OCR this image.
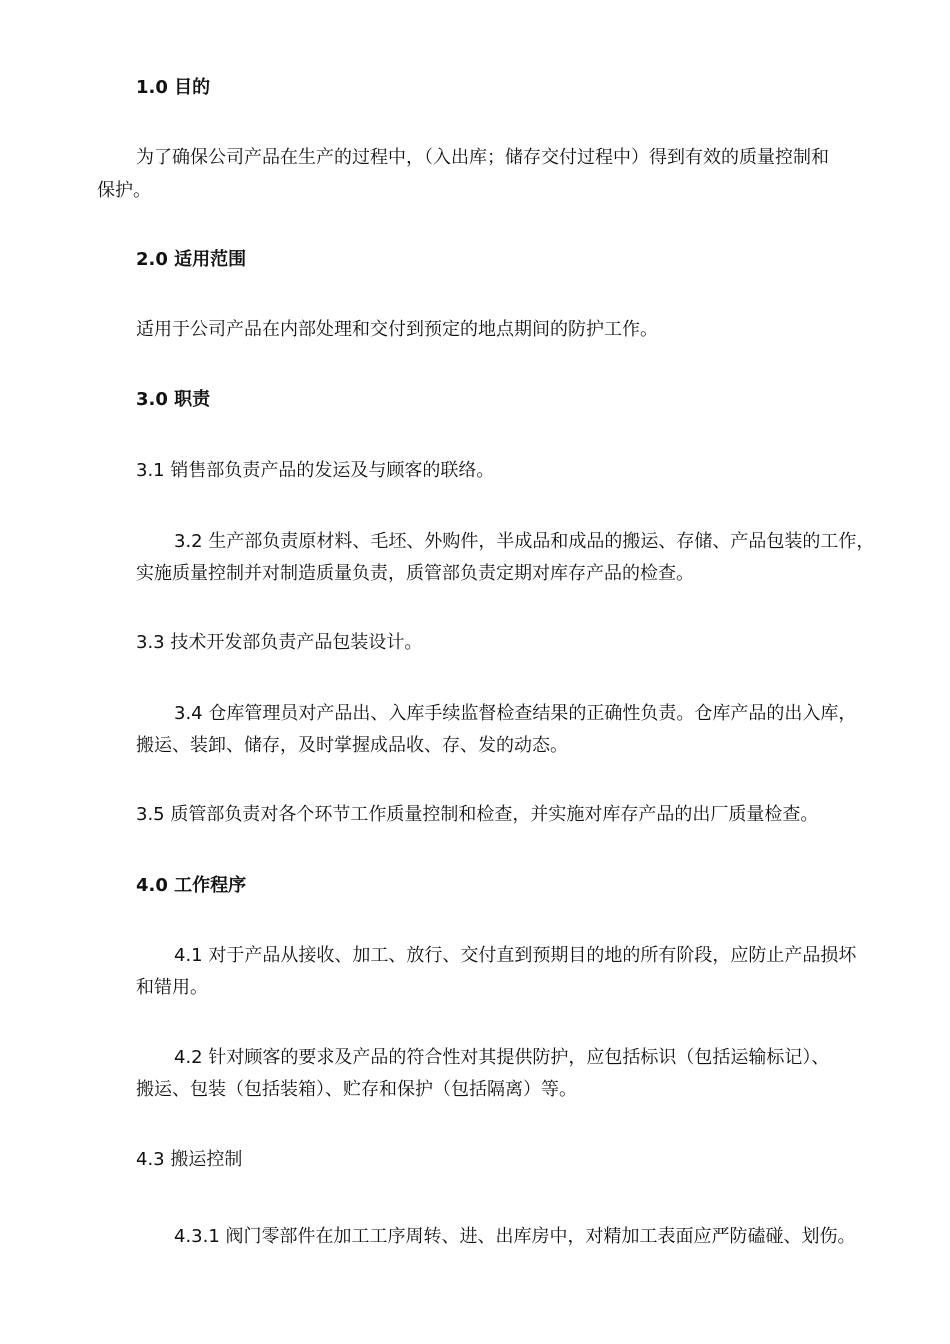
1.0 目的
为了确保公司产品在生产的过程中，（入出库；储存交付过程中）得到有效的质量控制和
保护。
2.0 适用范围
适用于公司产品在内部处理和交付到预定的地点期间的防护工作。
3.0 职责
3.1 销售部负责产品的发运及与顾客的联络。
3.2 生产部负责原材料、毛坯、外购件，半成品和成品的搬运、存储、产品包装的工作，
实施质量控制并对制造质量负责，质管部负责定期对库存产品的检查。
3.3 技术开发部负责产品包装设计。
3.4 仓库管理员对产品出、入库手续监督检查结果的正确性负责。仓库产品的出入库，
搬运、装卸、储存，及时掌握成品收、存、发的动态。
3.5 质管部负责对各个环节工作质量控制和检查，并实施对库存产品的出厂质量检查。
4.0 工作程序
4.1 对于产品从接收、加工、放行、交付直到预期目的地的所有阶段，应防止产品损坏
和错用。
4.2 针对顾客的要求及产品的符合性对其提供防护，应包括标识（包括运输标记）、
搬运、包装（包括装箱）、贮存和保护（包括隔离）等。
4.3 搬运控制
4.3.1 阀门零部件在加工工序周转、进、出库房中，对精加工表面应严防磕碰、划伤。
